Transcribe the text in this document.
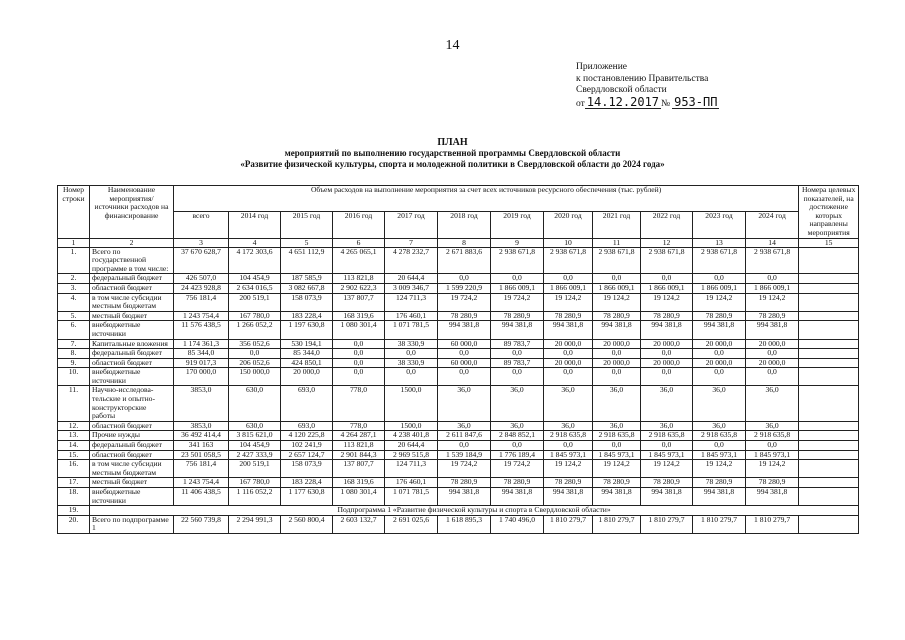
14
Приложение
к постановлению Правительства
Свердловской области
от 14.12.2017 № 953-ПП
ПЛАН
мероприятий по выполнению государственной программы Свердловской области
«Развитие физической культуры, спорта и молодежной политики в Свердловской области до 2024 года»
Номер строки	Наименование мероприятия/ источники расходов на финансирование	Объем расходов на выполнение мероприятия за счет всех источников ресурсного обеспечения (тыс. рублей)												Номера целевых показателей, на достижение которых направлены мероприятия
		всего	2014 год	2015 год	2016 год	2017 год	2018 год	2019 год	2020 год	2021 год	2022 год	2023 год	2024 год	
1	2	3	4	5	6	7	8	9	10	11	12	13	14	15
1.	Всего по государственной программе в том числе:	37 670 628,7	4 172 303,6	4 651 112,9	4 265 065,1	4 278 232,7	2 671 883,6	2 938 671,8	2 938 671,8	2 938 671,8	2 938 671,8	2 938 671,8	2 938 671,8	
2.	федеральный бюджет	426 507,0	104 454,9	187 585,9	113 821,8	20 644,4	0,0	0,0	0,0	0,0	0,0	0,0	0,0	
3.	областной бюджет	24 423 928,8	2 634 016,5	3 082 667,8	2 902 622,3	3 009 346,7	1 599 220,9	1 866 009,1	1 866 009,1	1 866 009,1	1 866 009,1	1 866 009,1	1 866 009,1	
4.	в том числе субсидии местным бюджетам	756 181,4	200 519,1	158 073,9	137 807,7	124 711,3	19 724,2	19 724,2	19 124,2	19 124,2	19 124,2	19 124,2	19 124,2	
5.	местный бюджет	1 243 754,4	167 780,0	183 228,4	168 319,6	176 460,1	78 280,9	78 280,9	78 280,9	78 280,9	78 280,9	78 280,9	78 280,9	
6.	внебюджетные источники	11 576 438,5	1 266 052,2	1 197 630,8	1 080 301,4	1 071 781,5	994 381,8	994 381,8	994 381,8	994 381,8	994 381,8	994 381,8	994 381,8	
7.	Капитальные вложения	1 174 361,3	356 052,6	530 194,1	0,0	38 330,9	60 000,0	89 783,7	20 000,0	20 000,0	20 000,0	20 000,0	20 000,0	
8.	федеральный бюджет	85 344,0	0,0	85 344,0	0,0	0,0	0,0	0,0	0,0	0,0	0,0	0,0	0,0	
9.	областной бюджет	919 017,3	206 052,6	424 850,1	0,0	38 330,9	60 000,0	89 783,7	20 000,0	20 000,0	20 000,0	20 000,0	20 000,0	
10.	внебюджетные источники	170 000,0	150 000,0	20 000,0	0,0	0,0	0,0	0,0	0,0	0,0	0,0	0,0	0,0	
11.	Научно-исследова-тельские и опытно-конструкторские работы	3853,0	630,0	693,0	778,0	1500,0	36,0	36,0	36,0	36,0	36,0	36,0	36,0	
12.	областной бюджет	3853,0	630,0	693,0	778,0	1500,0	36,0	36,0	36,0	36,0	36,0	36,0	36,0	
13.	Прочие нужды	36 492 414,4	3 815 621,0	4 120 225,8	4 264 287,1	4 238 401,8	2 611 847,6	2 848 852,1	2 918 635,8	2 918 635,8	2 918 635,8	2 918 635,8	2 918 635,8	
14.	федеральный бюджет	341 163	104 454,9	102 241,9	113 821,8	20 644,4	0,0	0,0	0,0	0,0	0,0	0,0	0,0	
15.	областной бюджет	23 501 058,5	2 427 333,9	2 657 124,7	2 901 844,3	2 969 515,8	1 539 184,9	1 776 189,4	1 845 973,1	1 845 973,1	1 845 973,1	1 845 973,1	1 845 973,1	
16.	в том числе субсидии местным бюджетам	756 181,4	200 519,1	158 073,9	137 807,7	124 711,3	19 724,2	19 724,2	19 124,2	19 124,2	19 124,2	19 124,2	19 124,2	
17.	местный бюджет	1 243 754,4	167 780,0	183 228,4	168 319,6	176 460,1	78 280,9	78 280,9	78 280,9	78 280,9	78 280,9	78 280,9	78 280,9	
18.	внебюджетные источники	11 406 438,5	1 116 052,2	1 177 630,8	1 080 301,4	1 071 781,5	994 381,8	994 381,8	994 381,8	994 381,8	994 381,8	994 381,8	994 381,8	
19.	Подпрограмма 1 «Развитие физической культуры и спорта в Свердловской области»													
20.	Всего по подпрограмме 1	22 560 739,8	2 294 991,3	2 560 800,4	2 603 132,7	2 691 025,6	1 618 895,3	1 740 496,0	1 810 279,7	1 810 279,7	1 810 279,7	1 810 279,7	1 810 279,7	
